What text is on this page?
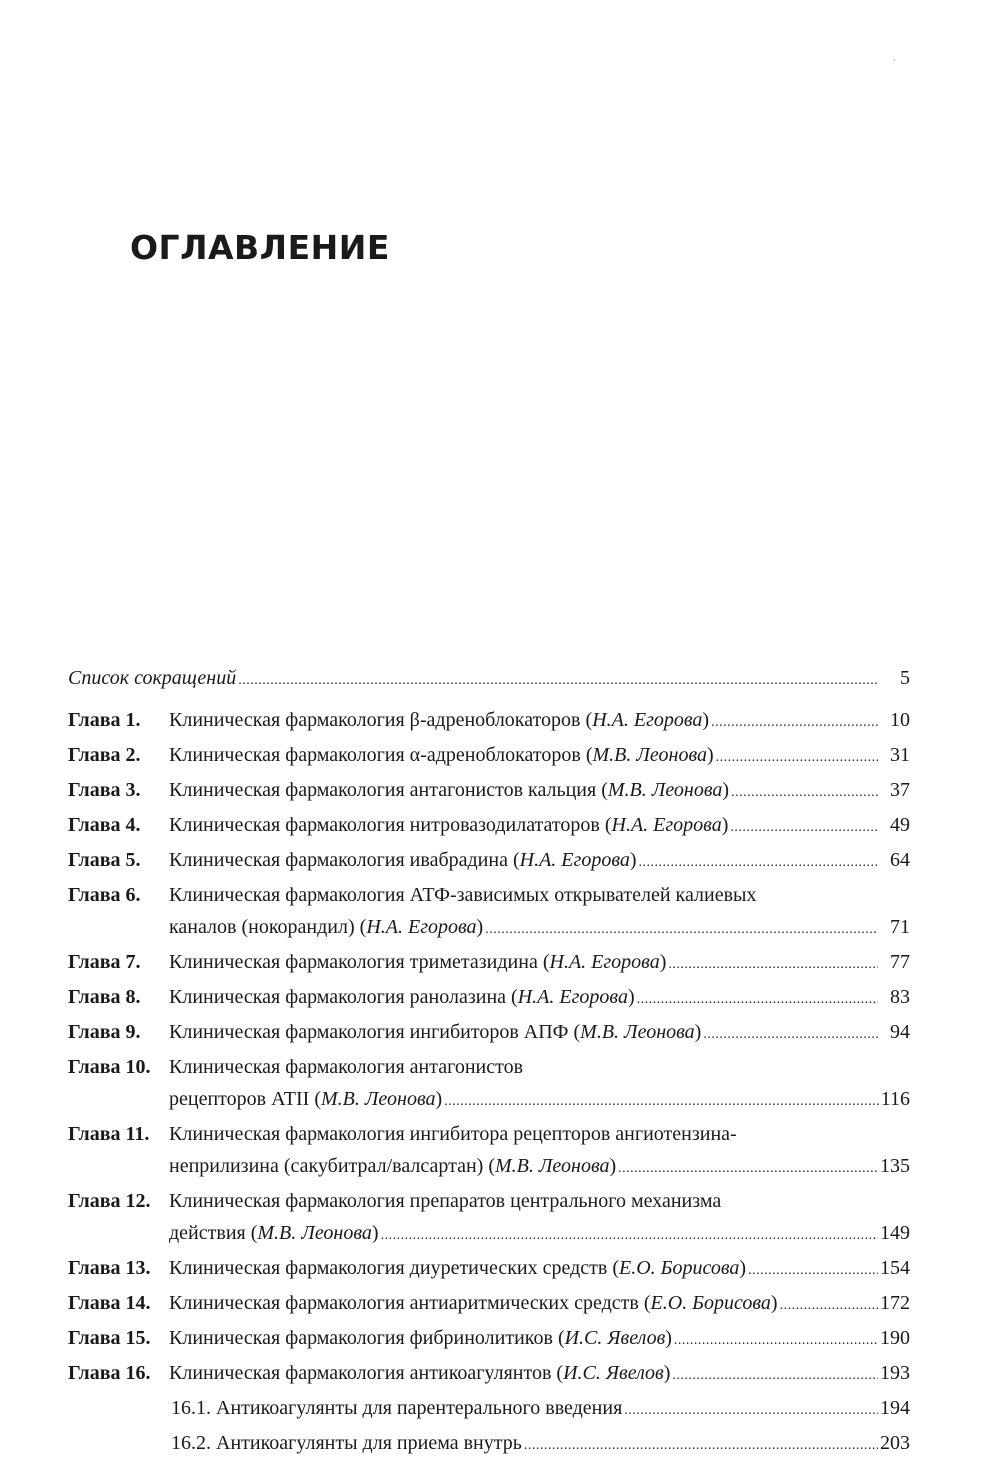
·
ОГЛАВЛЕНИЕ
Список сокращений .....	5
Глава 1. Клиническая фармакология β-адреноблокаторов (Н.А. Егорова) .....	10
Глава 2. Клиническая фармакология α-адреноблокаторов (М.В. Леонова) .....	31
Глава 3. Клиническая фармакология антагонистов кальция (М.В. Леонова) .....	37
Глава 4. Клиническая фармакология нитровазодилататоров (Н.А. Егорова) .....	49
Глава 5. Клиническая фармакология ивабрадина (Н.А. Егорова) .....	64
Глава 6. Клиническая фармакология АТФ-зависимых открывателей калиевых
каналов (нокорандил) (Н.А. Егорова) .....	71
Глава 7. Клиническая фармакология триметазидина (Н.А. Егорова) .....	77
Глава 8. Клиническая фармакология ранолазина (Н.А. Егорова) .....	83
Глава 9. Клиническая фармакология ингибиторов АПФ (М.В. Леонова) .....	94
Глава 10. Клиническая фармакология антагонистов
рецепторов АТII (М.В. Леонова) .....	116
Глава 11. Клиническая фармакология ингибитора рецепторов ангиотензина-
неприлизина (сакубитрал/валсартан) (М.В. Леонова) .....	135
Глава 12. Клиническая фармакология препаратов центрального механизма
действия (М.В. Леонова) .....	149
Глава 13. Клиническая фармакология диуретических средств (Е.О. Борисова) .....	154
Глава 14. Клиническая фармакология антиаритмических средств (Е.О. Борисова) .....	172
Глава 15. Клиническая фармакология фибринолитиков (И.С. Явелов) .....	190
Глава 16. Клиническая фармакология антикоагулянтов (И.С. Явелов) .....	193
16.1. Антикоагулянты для парентерального введения .....	194
16.2. Антикоагулянты для приема внутрь .....	203
